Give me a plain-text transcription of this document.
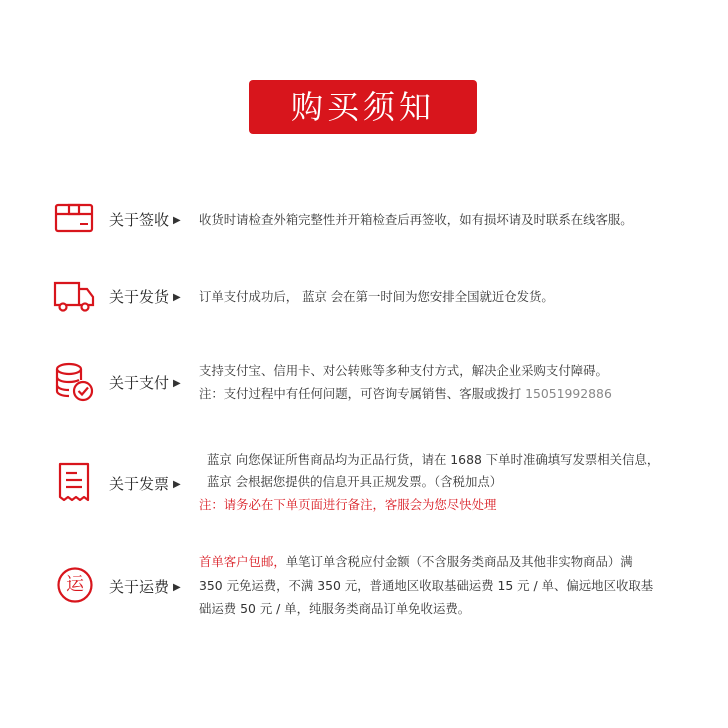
购买须知
关于签收 ▶ 收货时请检查外箱完整性并开箱检查后再签收，如有损坏请及时联系在线客服。
关于发货 ▶ 订单支付成功后， 蓝京 会在第一时间为您安排全国就近仓发货。
关于支付 ▶
支持支付宝、信用卡、对公转账等多种支付方式，解决企业采购支付障碍。
注：支付过程中有任何问题，可咨询专属销售、客服或拨打 15051992886
关于发票 ▶
蓝京 向您保证所售商品均为正品行货，请在 1688 下单时准确填写发票相关信息，
蓝京 会根据您提供的信息开具正规发票。（含税加点）
注：请务必在下单页面进行备注，客服会为您尽快处理
运	关于运费 ▶
首单客户包邮，单笔订单含税应付金额（不含服务类商品及其他非实物商品）满
350 元免运费，不满 350 元，普通地区收取基础运费 15 元 / 单、偏远地区收取基
础运费 50 元 / 单，纯服务类商品订单免收运费。
